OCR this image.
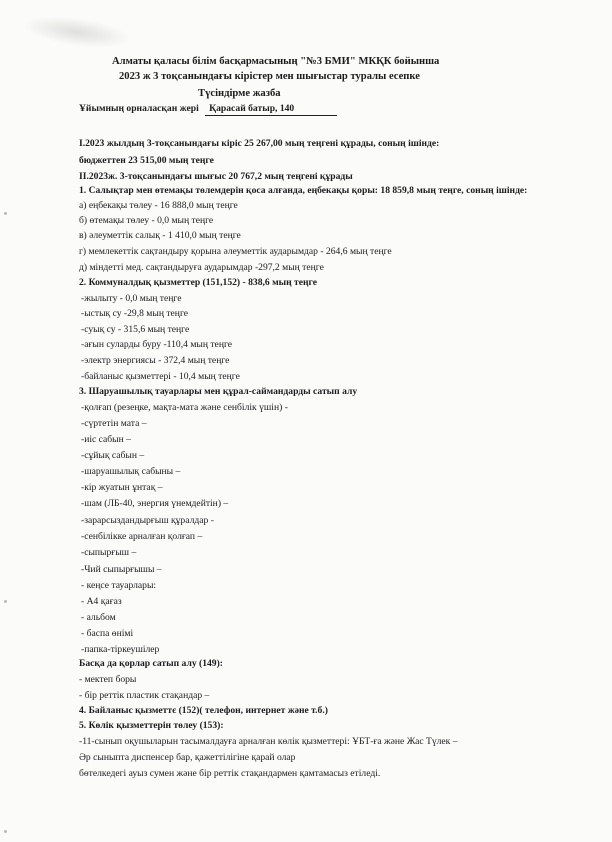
Алматы қаласы білім басқармасының "№3 БМИ" МКҚК бойынша
2023 ж 3 тоқсанындағы кірістер мен шығыстар туралы есепке
Түсіндірме жазба
Ұйымның орналасқан жері Қарасай батыр, 140
I.2023 жылдың 3-тоқсанындағы кіріс 25 267,00 мың теңгені құрады, соның ішінде:
бюджеттен 23 515,00 мың теңге
II.2023ж. 3-тоқсанындағы шығыс 20 767,2 мың теңгені құрады
1. Салықтар мен өтемақы төлемдерін қоса алғанда, еңбекақы қоры: 18 859,8 мың теңге, соның ішінде:
а) еңбекақы төлеу - 16 888,0 мың теңге
б) өтемақы төлеу - 0,0 мың теңге
в) әлеуметтік салық - 1 410,0 мың теңге
г) мемлекеттік сақтандыру қорына әлеуметтік аударымдар - 264,6 мың теңге
д) міндетті мед. сақтандыруға аударымдар -297,2 мың теңге
2. Коммуналдық қызметтер (151,152) - 838,6 мың теңге
-жылыту - 0,0 мың теңге
-ыстық су -29,8 мың теңге
-суық су - 315,6 мың теңге
-ағын суларды буру -110,4 мың теңге
-электр энергиясы - 372,4 мың теңге
-байланыс қызметтері - 10,4 мың теңге
3. Шаруашылық тауарлары мен құрал-саймандарды сатып алу
-қолғап (резеңке, мақта-мата және сенбілік үшін) -
-сүртетін мата –
-иіс сабын –
-сұйық сабын –
-шаруашылық сабыны –
-кір жуатын ұнтақ –
-шам (ЛБ-40, энергия үнемдейтін) –
-зарарсыздандырғыш құралдар -
-сенбілікке арналған қолғап –
-сыпырғыш –
-Чий сыпырғышы –
- кеңсе тауарлары:
- А4 қағаз
- альбом
- баспа өнімі
-папка-тіркеушілер
Басқа да қорлар сатып алу (149):
- мектеп боры
- бір реттік пластик стақандар –
4. Байланыс қызметтє (152)( телефон, интернет және т.б.)
5. Көлік қызметтерін төлеу (153):
-11-сынып оқушыларын тасымалдауға арналған көлік қызметтері: ҰБТ-ға және Жас Түлек –
Әр сыныпта диспенсер бар, қажеттілігіне қарай олар
бөтелкедегі ауыз сумен және бір реттік стақандармен қамтамасыз етіледі.
